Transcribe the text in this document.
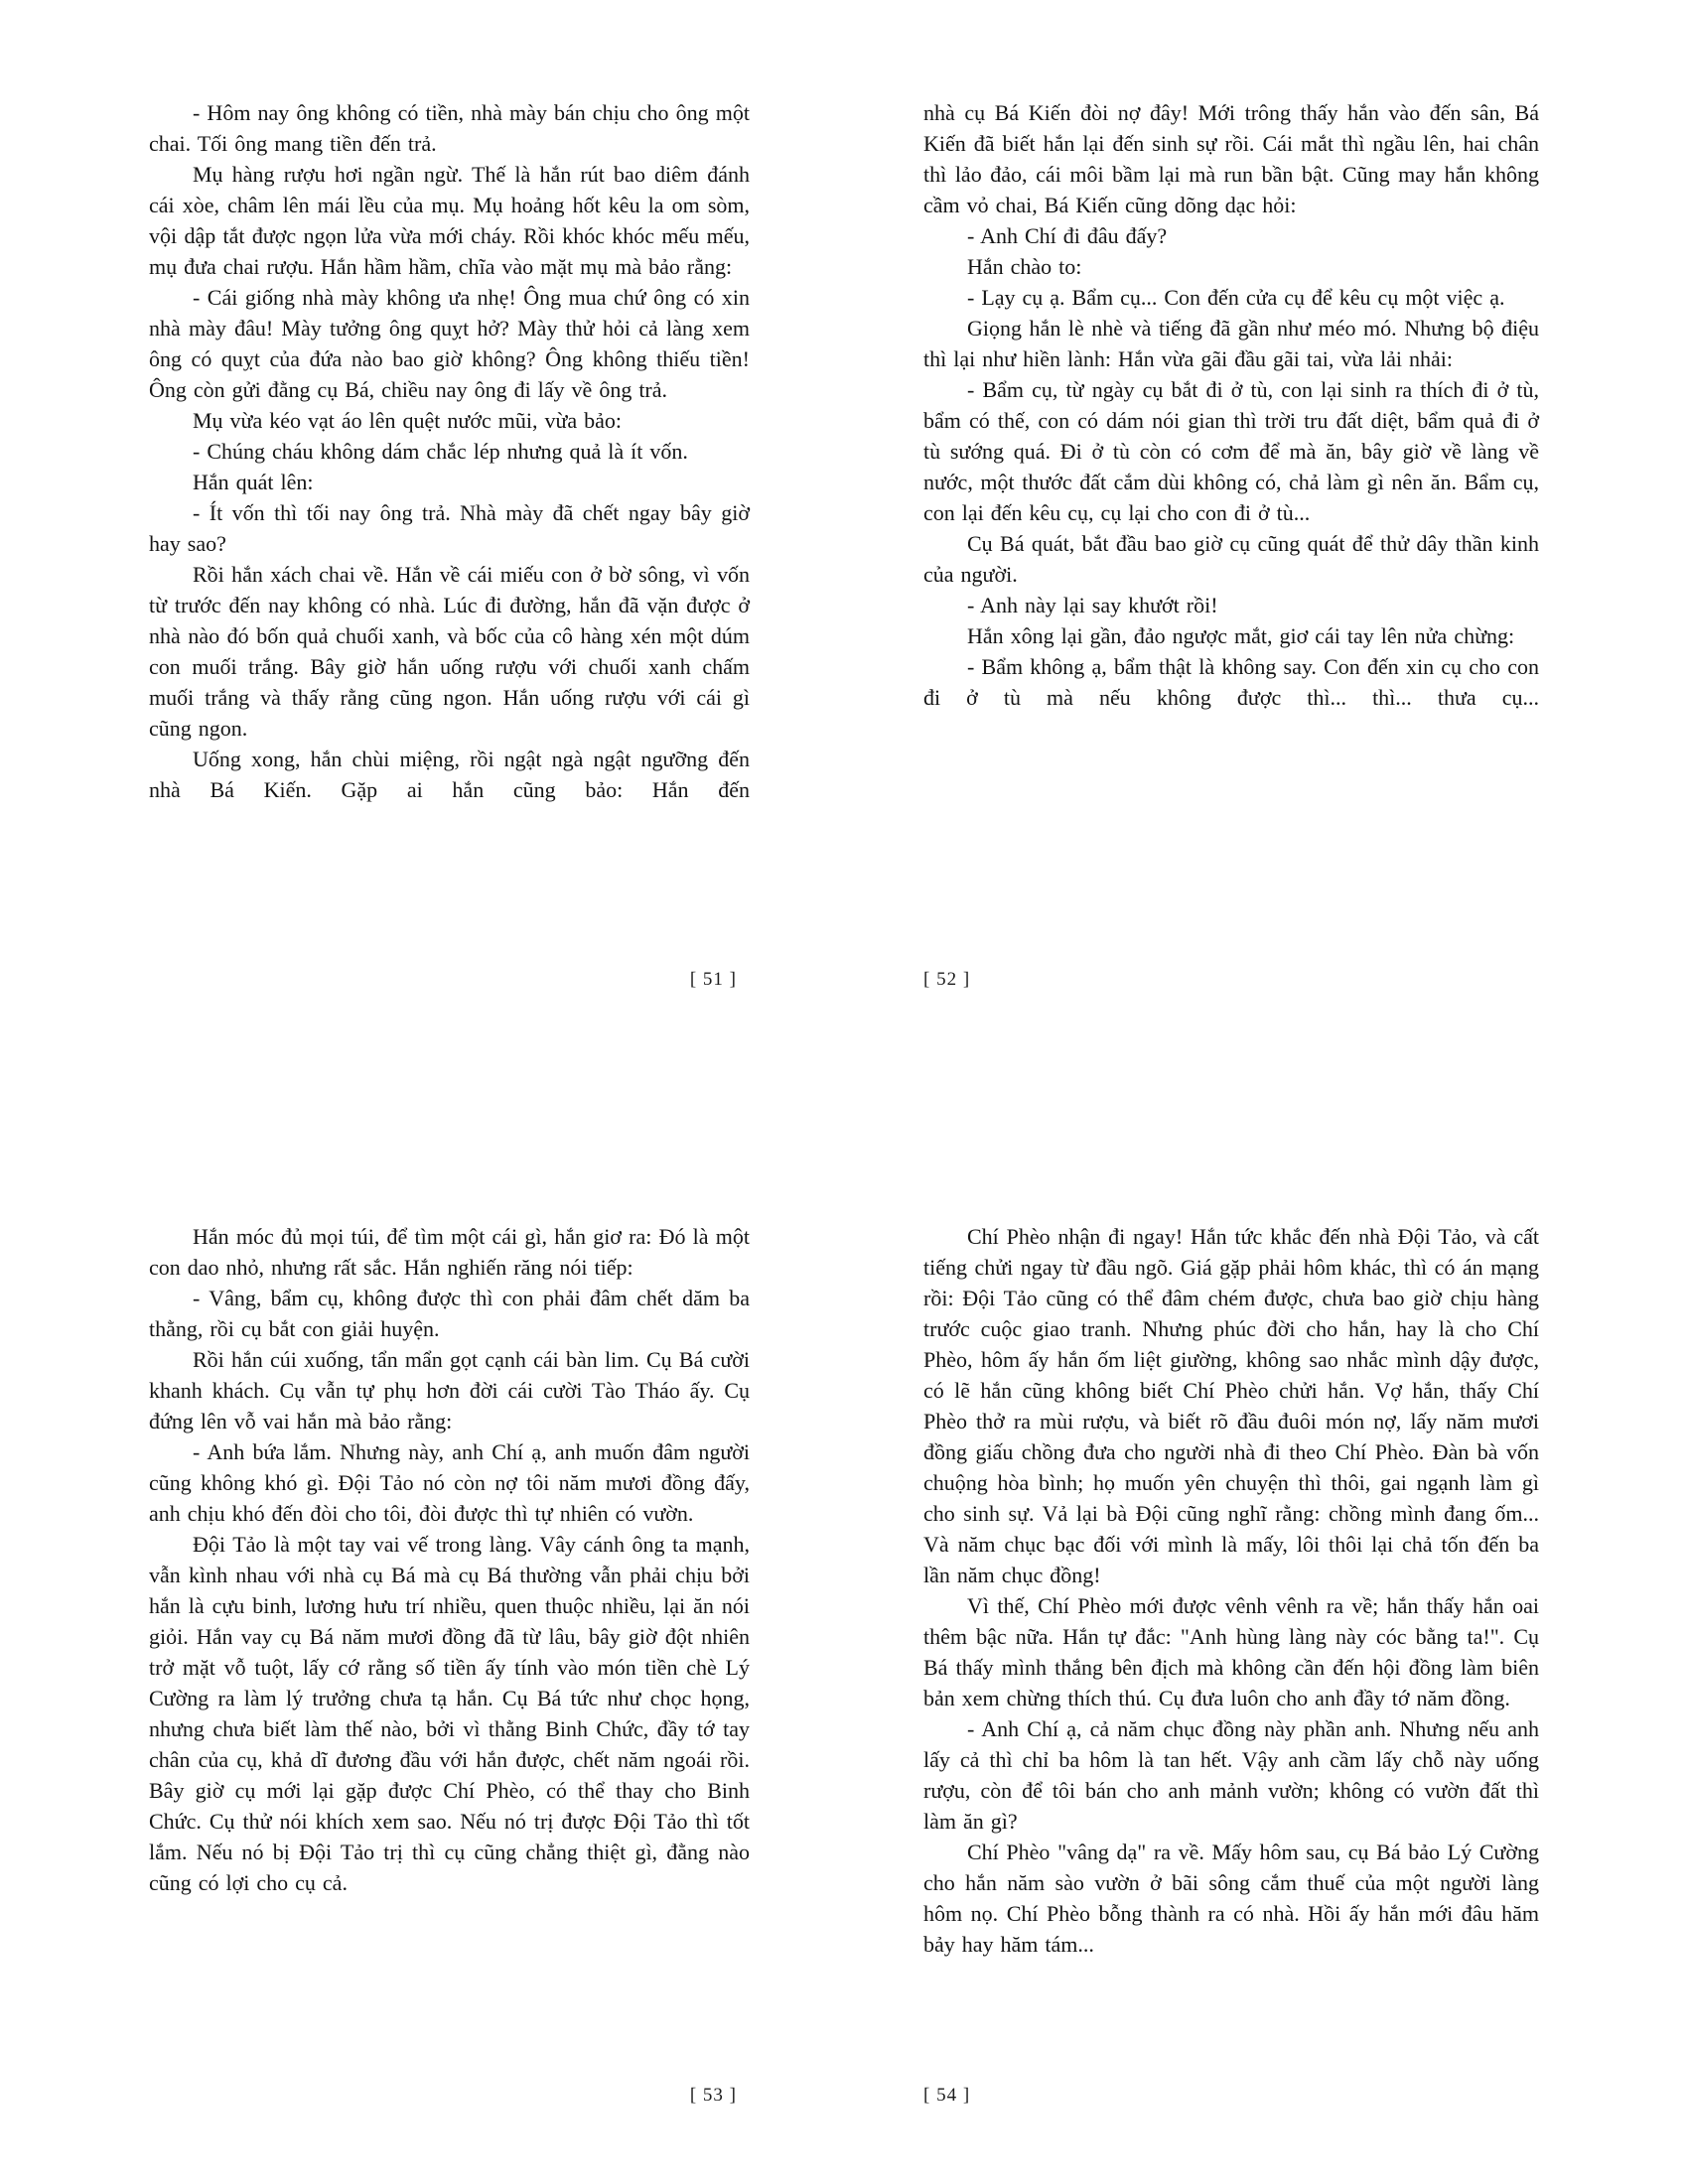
- Hôm nay ông không có tiền, nhà mày bán chịu cho ông một chai. Tối ông mang tiền đến trả.

Mụ hàng rượu hơi ngần ngừ. Thế là hắn rút bao diêm đánh cái xòe, châm lên mái lều của mụ. Mụ hoảng hốt kêu la om sòm, vội dập tắt được ngọn lửa vừa mới cháy. Rồi khóc khóc mếu mếu, mụ đưa chai rượu. Hắn hầm hầm, chĩa vào mặt mụ mà bảo rằng:

- Cái giống nhà mày không ưa nhẹ! Ông mua chứ ông có xin nhà mày đâu! Mày tưởng ông quỵt hở? Mày thử hỏi cả làng xem ông có quỵt của đứa nào bao giờ không? Ông không thiếu tiền! Ông còn gửi đằng cụ Bá, chiều nay ông đi lấy về ông trả.

Mụ vừa kéo vạt áo lên quệt nước mũi, vừa bảo:

- Chúng cháu không dám chắc lép nhưng quả là ít vốn.

Hắn quát lên:

- Ít vốn thì tối nay ông trả. Nhà mày đã chết ngay bây giờ hay sao?

Rồi hắn xách chai về. Hắn về cái miếu con ở bờ sông, vì vốn từ trước đến nay không có nhà. Lúc đi đường, hắn đã vặn được ở nhà nào đó bốn quả chuối xanh, và bốc của cô hàng xén một dúm con muối trắng. Bây giờ hắn uống rượu với chuối xanh chấm muối trắng và thấy rằng cũng ngon. Hắn uống rượu với cái gì cũng ngon.

Uống xong, hắn chùi miệng, rồi ngật ngà ngật ngưỡng đến nhà Bá Kiến. Gặp ai hắn cũng bảo: Hắn đến

[ 51 ]

nhà cụ Bá Kiến đòi nợ đây! Mới trông thấy hắn vào đến sân, Bá Kiến đã biết hắn lại đến sinh sự rồi. Cái mắt thì ngầu lên, hai chân thì lảo đảo, cái môi bầm lại mà run bần bật. Cũng may hắn không cầm vỏ chai, Bá Kiến cũng dõng dạc hỏi:

- Anh Chí đi đâu đấy?

Hắn chào to:

- Lạy cụ ạ. Bẩm cụ... Con đến cửa cụ để kêu cụ một việc ạ.

Giọng hắn lè nhè và tiếng đã gần như méo mó. Nhưng bộ điệu thì lại như hiền lành: Hắn vừa gãi đầu gãi tai, vừa lải nhải:

- Bẩm cụ, từ ngày cụ bắt đi ở tù, con lại sinh ra thích đi ở tù, bẩm có thế, con có dám nói gian thì trời tru đất diệt, bẩm quả đi ở tù sướng quá. Đi ở tù còn có cơm để mà ăn, bây giờ về làng về nước, một thước đất cắm dùi không có, chả làm gì nên ăn. Bẩm cụ, con lại đến kêu cụ, cụ lại cho con đi ở tù...

Cụ Bá quát, bắt đầu bao giờ cụ cũng quát để thử dây thần kinh của người.

- Anh này lại say khướt rồi!

Hắn xông lại gần, đảo ngược mắt, giơ cái tay lên nửa chừng:

- Bẩm không ạ, bẩm thật là không say. Con đến xin cụ cho con đi ở tù mà nếu không được thì... thì... thưa cụ...

[ 52 ]

Hắn móc đủ mọi túi, để tìm một cái gì, hắn giơ ra: Đó là một con dao nhỏ, nhưng rất sắc. Hắn nghiến răng nói tiếp:

- Vâng, bẩm cụ, không được thì con phải đâm chết dăm ba thằng, rồi cụ bắt con giải huyện.

Rồi hắn cúi xuống, tẩn mẩn gọt cạnh cái bàn lim. Cụ Bá cười khanh khách. Cụ vẫn tự phụ hơn đời cái cười Tào Tháo ấy. Cụ đứng lên vỗ vai hắn mà bảo rằng:

- Anh bứa lắm. Nhưng này, anh Chí ạ, anh muốn đâm người cũng không khó gì. Đội Tảo nó còn nợ tôi năm mươi đồng đấy, anh chịu khó đến đòi cho tôi, đòi được thì tự nhiên có vườn.

Đội Tảo là một tay vai vế trong làng. Vây cánh ông ta mạnh, vẫn kình nhau với nhà cụ Bá mà cụ Bá thường vẫn phải chịu bởi hắn là cựu binh, lương hưu trí nhiều, quen thuộc nhiều, lại ăn nói giỏi. Hắn vay cụ Bá năm mươi đồng đã từ lâu, bây giờ đột nhiên trở mặt vỗ tuột, lấy cớ rằng số tiền ấy tính vào món tiền chè Lý Cường ra làm lý trưởng chưa tạ hắn. Cụ Bá tức như chọc họng, nhưng chưa biết làm thế nào, bởi vì thằng Binh Chức, đầy tớ tay chân của cụ, khả dĩ đương đầu với hắn được, chết năm ngoái rồi. Bây giờ cụ mới lại gặp được Chí Phèo, có thể thay cho Binh Chức. Cụ thử nói khích xem sao. Nếu nó trị được Đội Tảo thì tốt lắm. Nếu nó bị Đội Tảo trị thì cụ cũng chẳng thiệt gì, đằng nào cũng có lợi cho cụ cả.

[ 53 ]

Chí Phèo nhận đi ngay! Hắn tức khắc đến nhà Đội Tảo, và cất tiếng chửi ngay từ đầu ngõ. Giá gặp phải hôm khác, thì có án mạng rồi: Đội Tảo cũng có thể đâm chém được, chưa bao giờ chịu hàng trước cuộc giao tranh. Nhưng phúc đời cho hắn, hay là cho Chí Phèo, hôm ấy hắn ốm liệt giường, không sao nhắc mình dậy được, có lẽ hắn cũng không biết Chí Phèo chửi hắn. Vợ hắn, thấy Chí Phèo thở ra mùi rượu, và biết rõ đầu đuôi món nợ, lấy năm mươi đồng giấu chồng đưa cho người nhà đi theo Chí Phèo. Đàn bà vốn chuộng hòa bình; họ muốn yên chuyện thì thôi, gai ngạnh làm gì cho sinh sự. Vả lại bà Đội cũng nghĩ rằng: chồng mình đang ốm... Và năm chục bạc đối với mình là mấy, lôi thôi lại chả tốn đến ba lần năm chục đồng!

Vì thế, Chí Phèo mới được vênh vênh ra về; hắn thấy hắn oai thêm bậc nữa. Hắn tự đắc: "Anh hùng làng này cóc bằng ta!". Cụ Bá thấy mình thắng bên địch mà không cần đến hội đồng làm biên bản xem chừng thích thú. Cụ đưa luôn cho anh đầy tớ năm đồng.

- Anh Chí ạ, cả năm chục đồng này phần anh. Nhưng nếu anh lấy cả thì chỉ ba hôm là tan hết. Vậy anh cầm lấy chỗ này uống rượu, còn để tôi bán cho anh mảnh vườn; không có vườn đất thì làm ăn gì?

Chí Phèo "vâng dạ" ra về. Mấy hôm sau, cụ Bá bảo Lý Cường cho hắn năm sào vườn ở bãi sông cắm thuế của một người làng hôm nọ. Chí Phèo bỗng thành ra có nhà. Hồi ấy hắn mới đâu hăm bảy hay hăm tám...

[ 54 ]
